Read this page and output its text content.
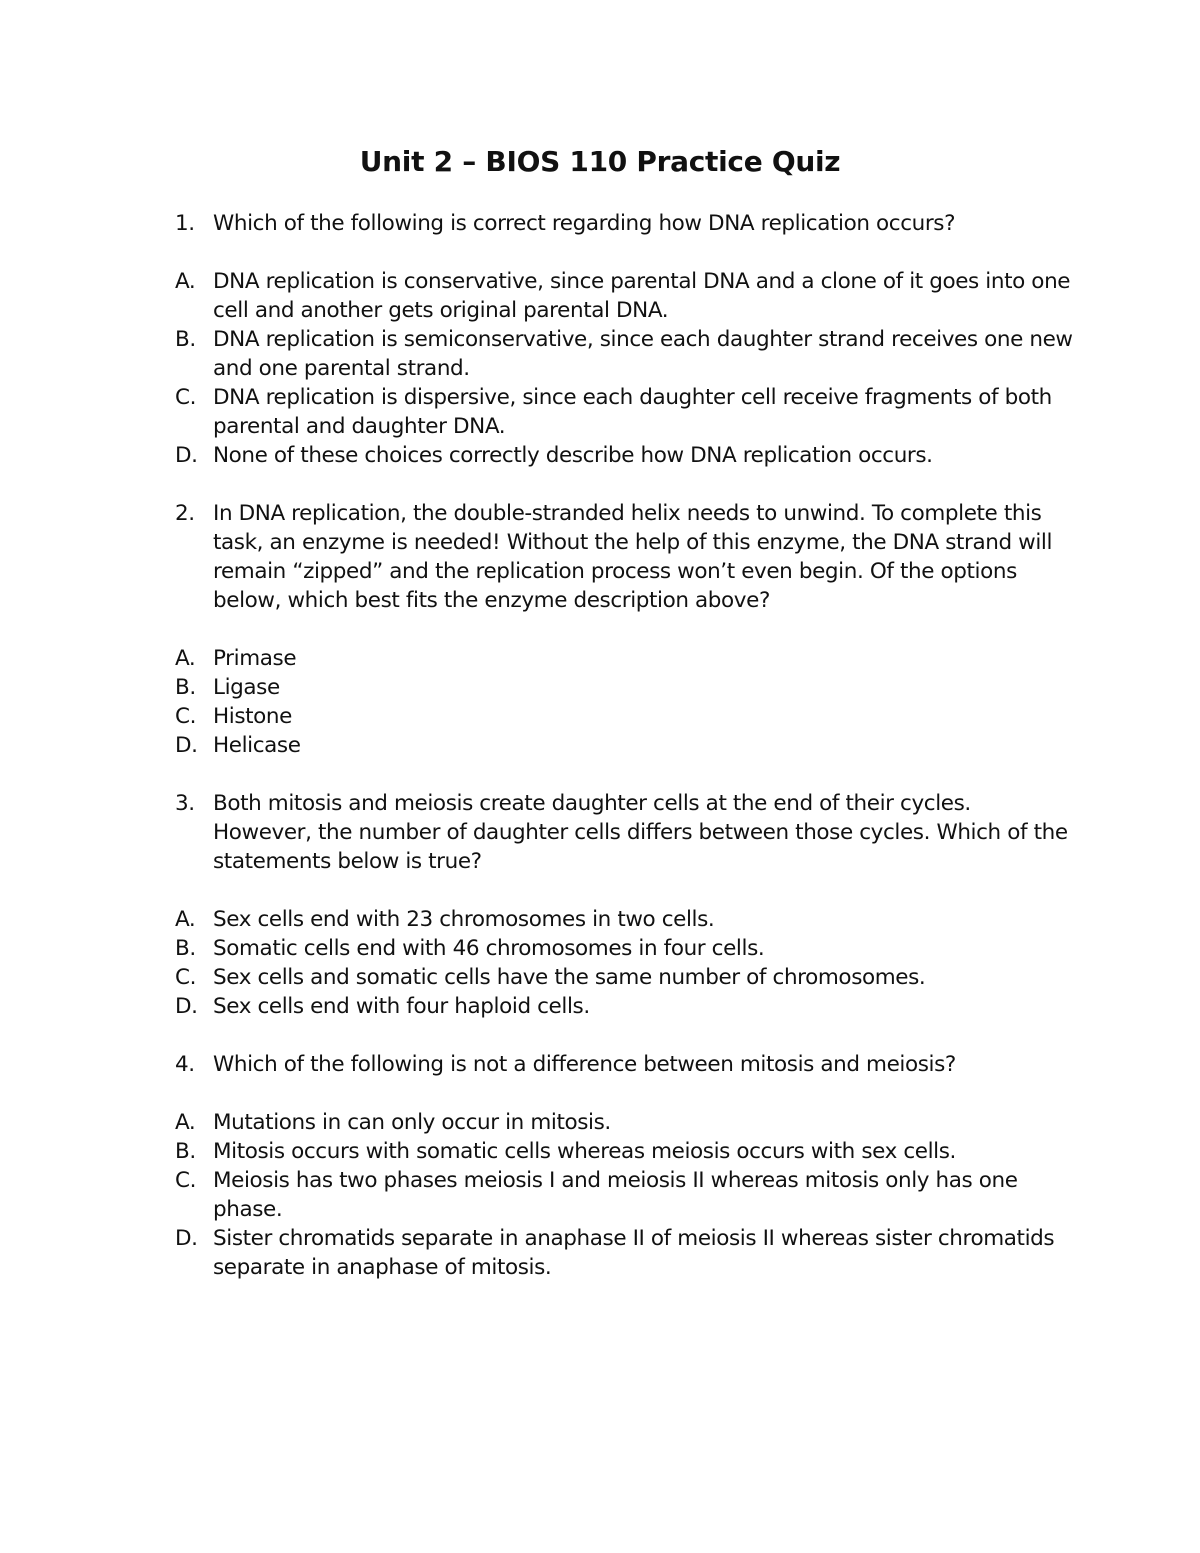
Unit 2 – BIOS 110 Practice Quiz
1. Which of the following is correct regarding how DNA replication occurs?
A. DNA replication is conservative, since parental DNA and a clone of it goes into one cell and another gets original parental DNA.
B. DNA replication is semiconservative, since each daughter strand receives one new and one parental strand.
C. DNA replication is dispersive, since each daughter cell receive fragments of both parental and daughter DNA.
D. None of these choices correctly describe how DNA replication occurs.
2. In DNA replication, the double-stranded helix needs to unwind. To complete this task, an enzyme is needed! Without the help of this enzyme, the DNA strand will remain “zipped” and the replication process won’t even begin. Of the options below, which best fits the enzyme description above?
A. Primase
B. Ligase
C. Histone
D. Helicase
3. Both mitosis and meiosis create daughter cells at the end of their cycles. However, the number of daughter cells differs between those cycles. Which of the statements below is true?
A. Sex cells end with 23 chromosomes in two cells.
B. Somatic cells end with 46 chromosomes in four cells.
C. Sex cells and somatic cells have the same number of chromosomes.
D. Sex cells end with four haploid cells.
4. Which of the following is not a difference between mitosis and meiosis?
A. Mutations in can only occur in mitosis.
B. Mitosis occurs with somatic cells whereas meiosis occurs with sex cells.
C. Meiosis has two phases meiosis I and meiosis II whereas mitosis only has one phase.
D. Sister chromatids separate in anaphase II of meiosis II whereas sister chromatids separate in anaphase of mitosis.
